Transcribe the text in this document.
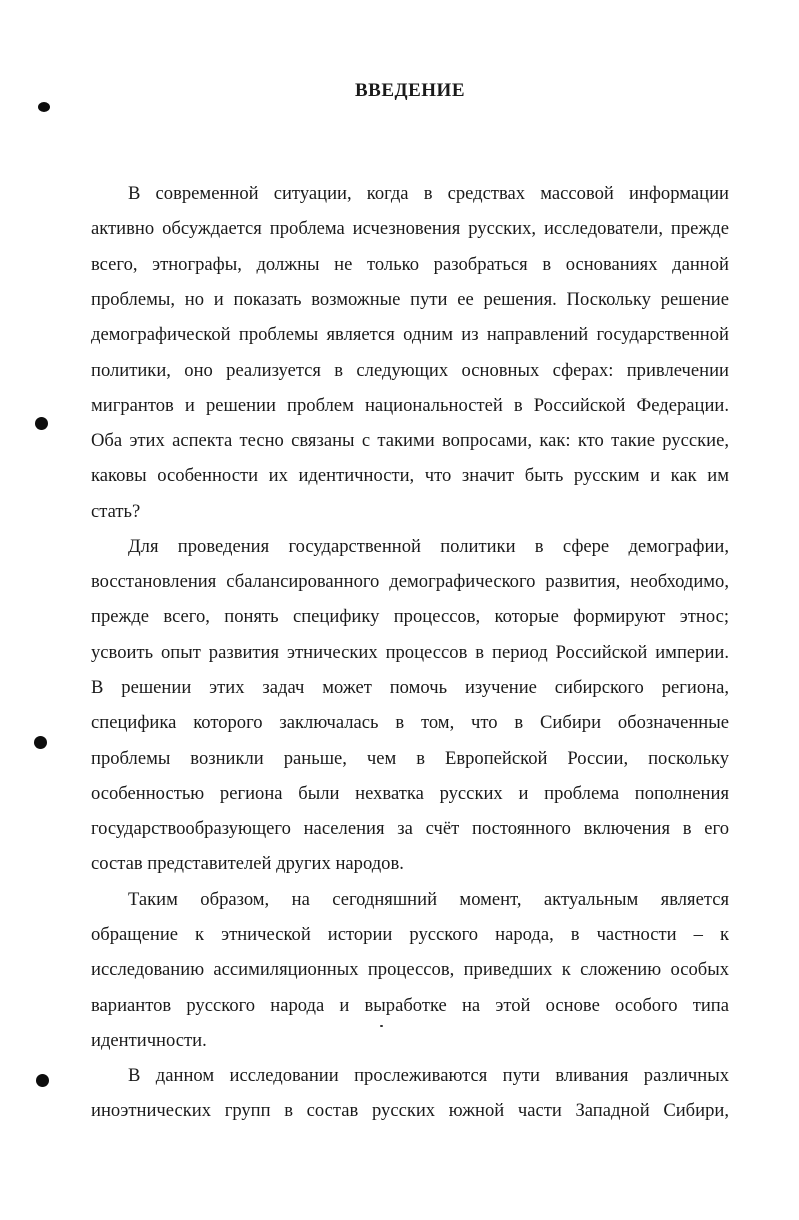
ВВЕДЕНИЕ
В современной ситуации, когда в средствах массовой информации
активно обсуждается проблема исчезновения русских, исследователи, прежде
всего, этнографы, должны не только разобраться в основаниях данной
проблемы, но и показать возможные пути ее решения. Поскольку решение
демографической проблемы является одним из направлений государственной
политики, оно реализуется в следующих основных сферах: привлечении
мигрантов и решении проблем национальностей в Российской Федерации.
Оба этих аспекта тесно связаны с такими вопросами, как: кто такие русские,
каковы особенности их идентичности, что значит быть русским и как им
стать?
Для проведения государственной политики в сфере демографии,
восстановления сбалансированного демографического развития, необходимо,
прежде всего, понять специфику процессов, которые формируют этнос;
усвоить опыт развития этнических процессов в период Российской империи.
В решении этих задач может помочь изучение сибирского региона,
специфика которого заключалась в том, что в Сибири обозначенные
проблемы возникли раньше, чем в Европейской России, поскольку
особенностью региона были нехватка русских и проблема пополнения
государствообразующего населения за счёт постоянного включения в его
состав представителей других народов.
Таким образом, на сегодняшний момент, актуальным является
обращение к этнической истории русского народа, в частности – к
исследованию ассимиляционных процессов, приведших к сложению особых
вариантов русского народа и выработке на этой основе особого типа
идентичности.
В данном исследовании прослеживаются пути вливания различных
иноэтнических групп в состав русских южной части Западной Сибири,
